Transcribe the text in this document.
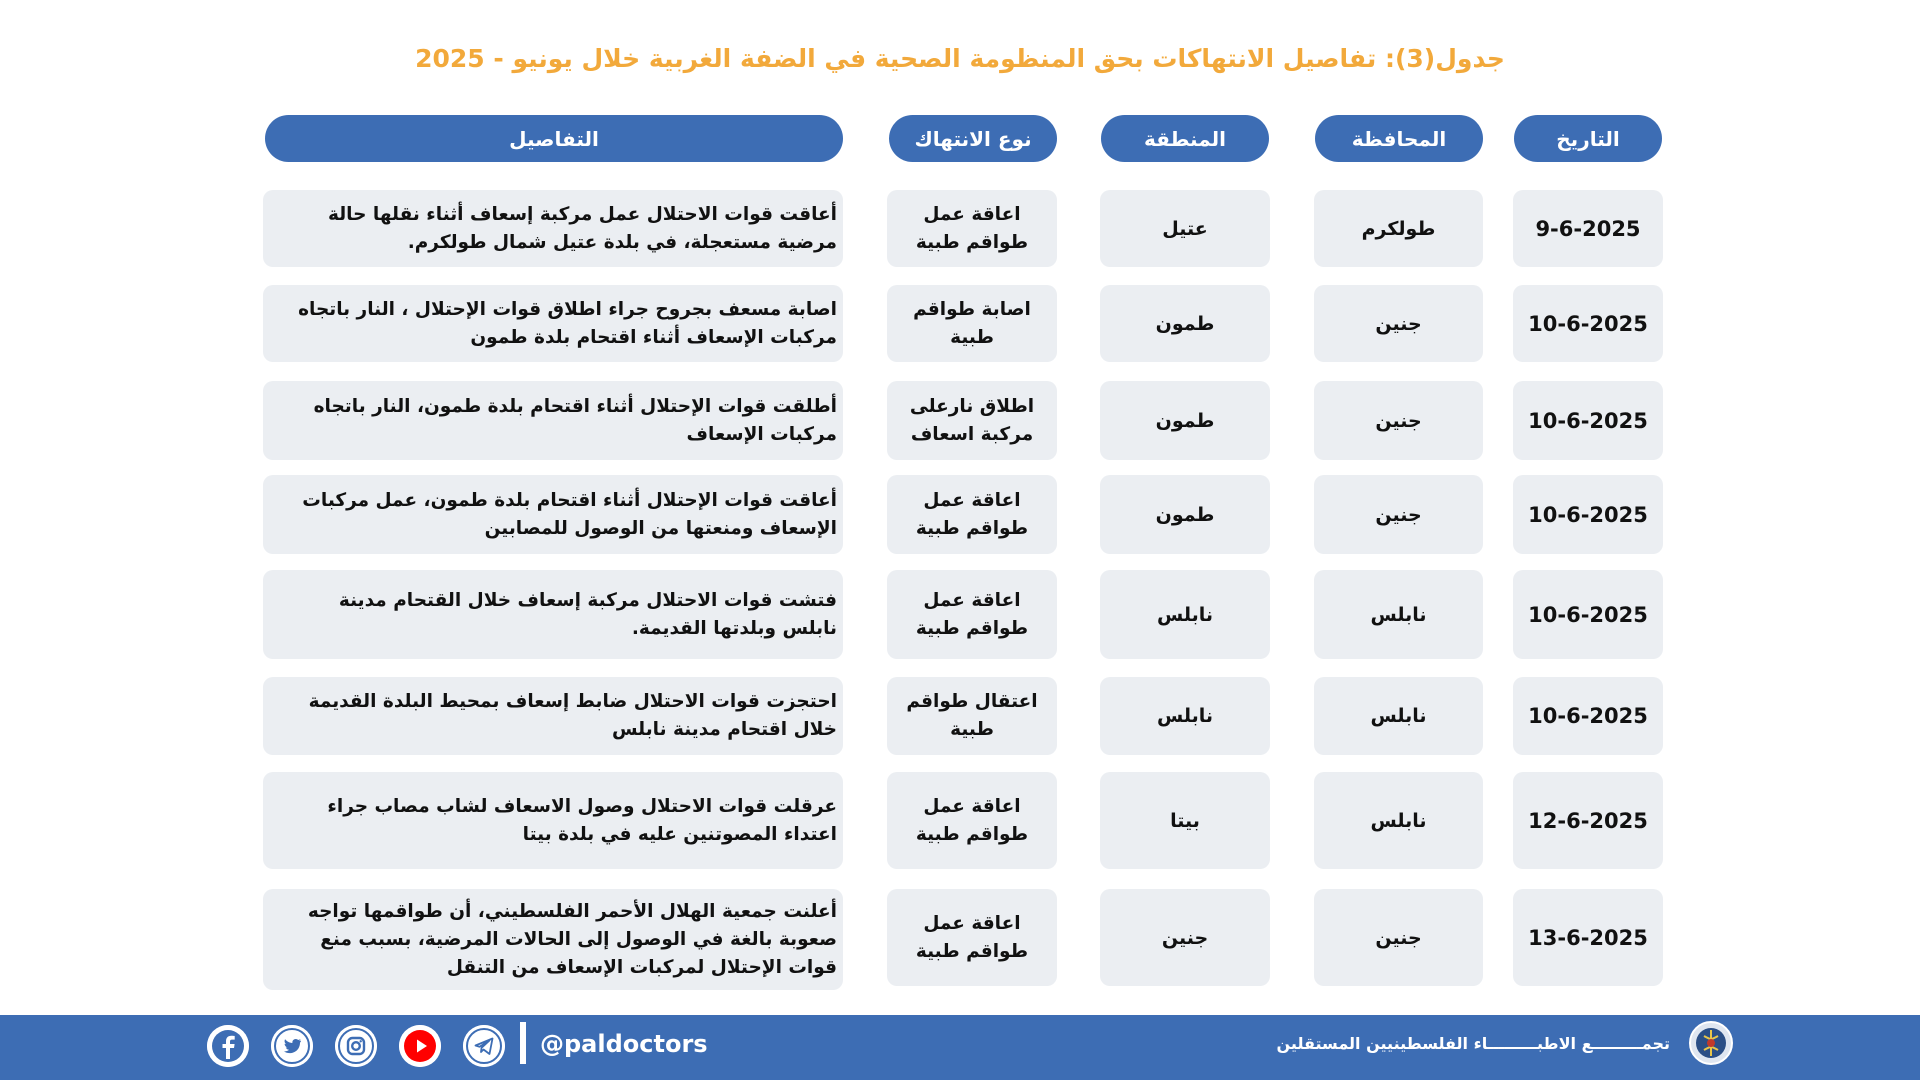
جدول(3): تفاصيل الانتهاكات بحق المنظومة الصحية في الضفة الغربية خلال يونيو - 2025
التاريخ
المحافظة
المنطقة
نوع الانتهاك
التفاصيل
9-6-2025
طولكرم
عتيل
اعاقة عمل طواقم طبية
أعاقت قوات الاحتلال عمل مركبة إسعاف أثناء نقلها حالة مرضية مستعجلة، في بلدة عتيل شمال طولكرم.
10-6-2025
جنين
طمون
اصابة طواقم طبية
اصابة مسعف بجروح جراء اطلاق قوات الإحتلال ، النار باتجاه مركبات الإسعاف أثناء اقتحام بلدة طمون
10-6-2025
جنين
طمون
اطلاق نارعلى مركبة اسعاف
أطلقت قوات الإحتلال أثناء اقتحام بلدة طمون، النار باتجاه مركبات الإسعاف
10-6-2025
جنين
طمون
اعاقة عمل طواقم طبية
أعاقت قوات الإحتلال أثناء اقتحام بلدة طمون، عمل مركبات الإسعاف ومنعتها من الوصول للمصابين
10-6-2025
نابلس
نابلس
اعاقة عمل طواقم طبية
فتشت قوات الاحتلال مركبة إسعاف خلال القتحام مدينة نابلس وبلدتها القديمة.
10-6-2025
نابلس
نابلس
اعتقال طواقم طبية
احتجزت قوات الاحتلال ضابط إسعاف بمحيط البلدة القديمة خلال اقتحام مدينة نابلس
12-6-2025
نابلس
بيتا
اعاقة عمل طواقم طبية
عرقلت قوات الاحتلال وصول الاسعاف لشاب مصاب جراء اعتداء المصوتنين عليه في بلدة بيتا
13-6-2025
جنين
جنين
اعاقة عمل طواقم طبية
أعلنت جمعية الهلال الأحمر الفلسطيني، أن طواقمها تواجه صعوبة بالغة في الوصول إلى الحالات المرضية، بسبب منع قوات الإحتلال لمركبات الإسعاف من التنقل
@paldoctors	تجمـــــــــع الاطبـــــــــاء الفلسطينيين المستقلين
